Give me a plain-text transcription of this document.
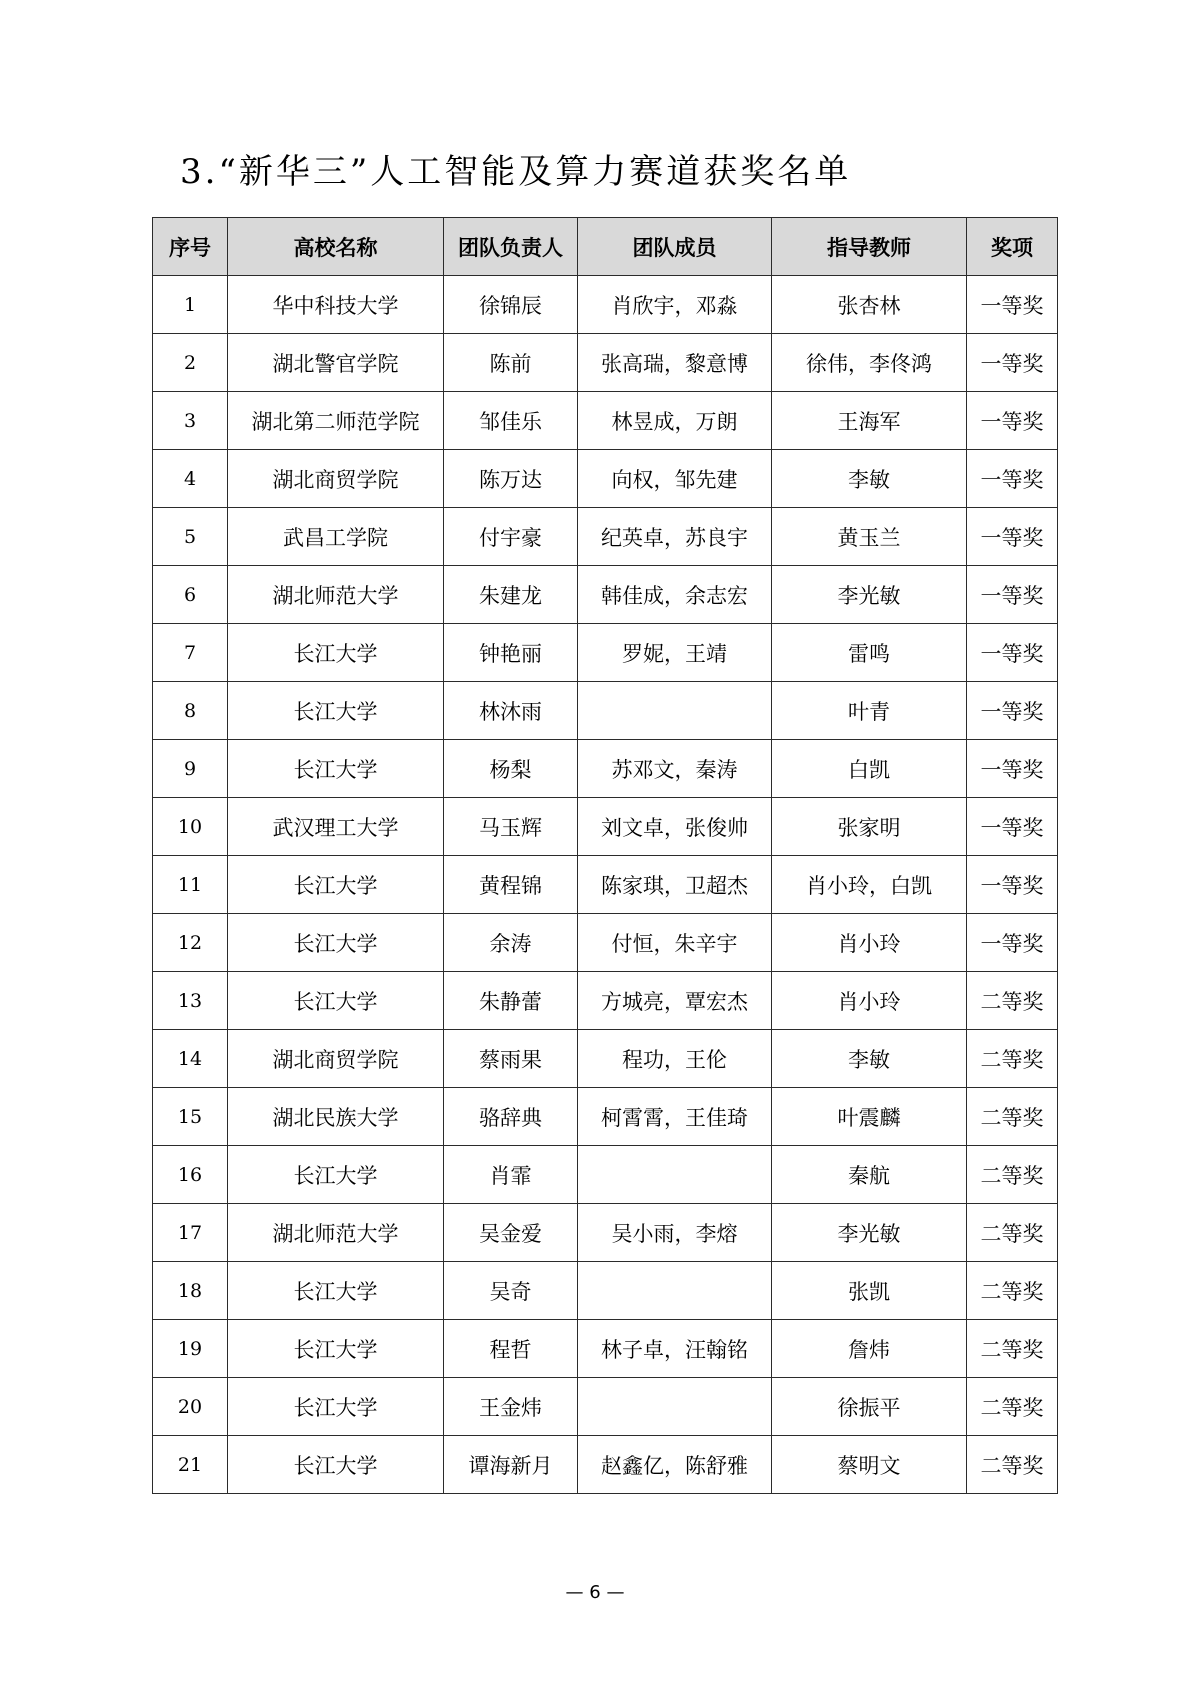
3.“新华三”人工智能及算力赛道获奖名单
序号	高校名称	团队负责人	团队成员	指导教师	奖项
1	华中科技大学	徐锦辰	肖欣宇，邓淼	张杏林	一等奖
2	湖北警官学院	陈前	张高瑞，黎意博	徐伟，李佟鸿	一等奖
3	湖北第二师范学院	邹佳乐	林昱成，万朗	王海军	一等奖
4	湖北商贸学院	陈万达	向权，邹先建	李敏	一等奖
5	武昌工学院	付宇豪	纪英卓，苏良宇	黄玉兰	一等奖
6	湖北师范大学	朱建龙	韩佳成，余志宏	李光敏	一等奖
7	长江大学	钟艳丽	罗妮，王靖	雷鸣	一等奖
8	长江大学	林沐雨		叶青	一等奖
9	长江大学	杨梨	苏邓文，秦涛	白凯	一等奖
10	武汉理工大学	马玉辉	刘文卓，张俊帅	张家明	一等奖
11	长江大学	黄程锦	陈家琪，卫超杰	肖小玲，白凯	一等奖
12	长江大学	余涛	付恒，朱辛宇	肖小玲	一等奖
13	长江大学	朱静蕾	方城亮，覃宏杰	肖小玲	二等奖
14	湖北商贸学院	蔡雨果	程功，王伦	李敏	二等奖
15	湖北民族大学	骆辞典	柯霄霄，王佳琦	叶震麟	二等奖
16	长江大学	肖霏		秦航	二等奖
17	湖北师范大学	吴金爱	吴小雨，李熔	李光敏	二等奖
18	长江大学	吴奇		张凯	二等奖
19	长江大学	程哲	林子卓，汪翰铭	詹炜	二等奖
20	长江大学	王金炜		徐振平	二等奖
21	长江大学	谭海新月	赵鑫亿，陈舒雅	蔡明文	二等奖
— 6 —
